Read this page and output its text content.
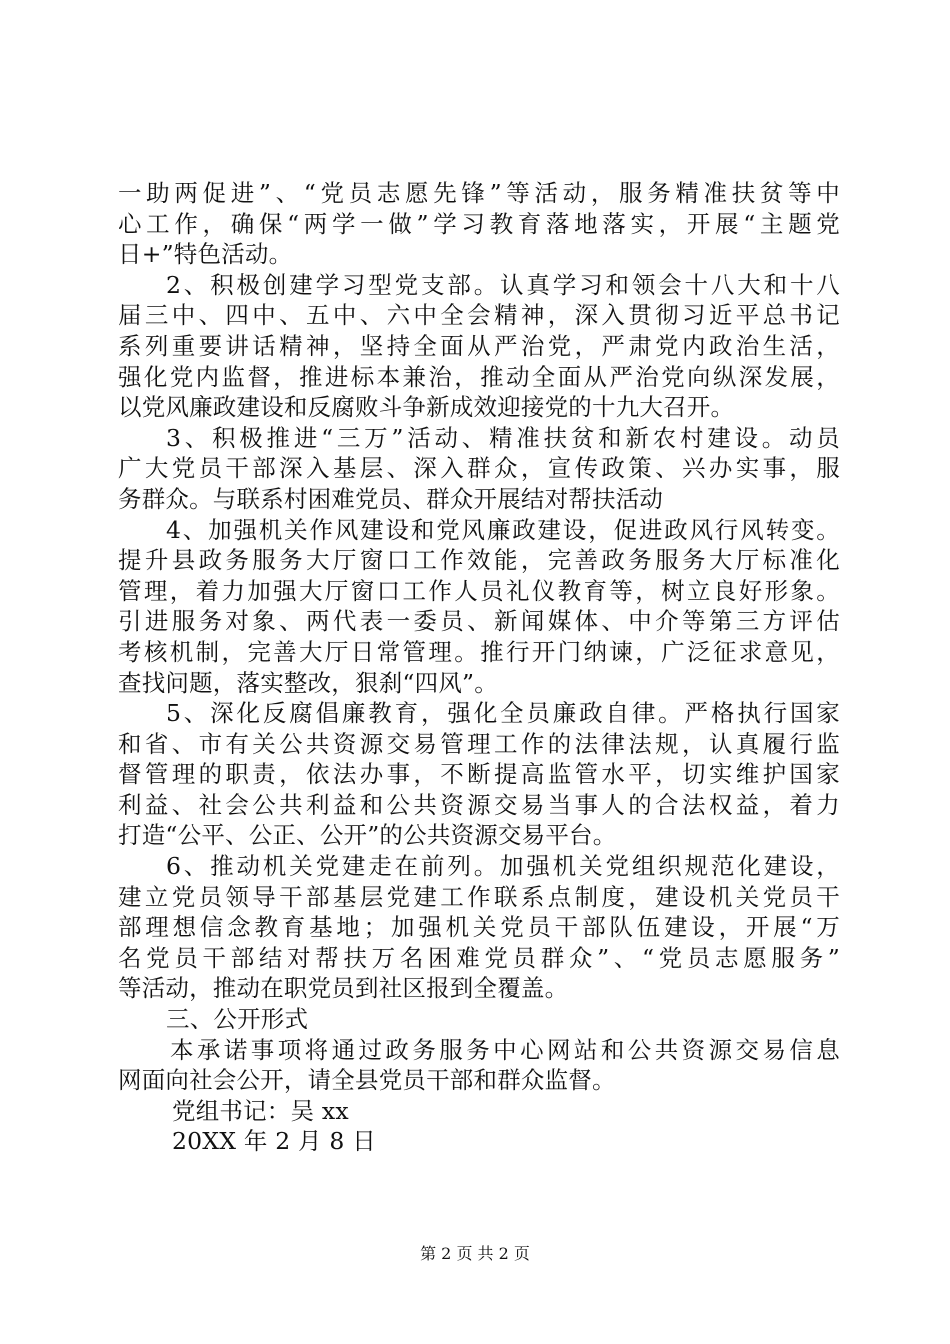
一助两促进”、“党员志愿先锋”等活动，服务精准扶贫等中
心工作，确保“两学一做”学习教育落地落实，开展“主题党
日+”特色活动。
2、积极创建学习型党支部。认真学习和领会十八大和十八
届三中、四中、五中、六中全会精神，深入贯彻习近平总书记
系列重要讲话精神，坚持全面从严治党，严肃党内政治生活，
强化党内监督，推进标本兼治，推动全面从严治党向纵深发展，
以党风廉政建设和反腐败斗争新成效迎接党的十九大召开。
3、积极推进“三万”活动、精准扶贫和新农村建设。动员
广大党员干部深入基层、深入群众，宣传政策、兴办实事，服
务群众。与联系村困难党员、群众开展结对帮扶活动
4、加强机关作风建设和党风廉政建设，促进政风行风转变。
提升县政务服务大厅窗口工作效能，完善政务服务大厅标准化
管理，着力加强大厅窗口工作人员礼仪教育等，树立良好形象。
引进服务对象、两代表一委员、新闻媒体、中介等第三方评估
考核机制，完善大厅日常管理。推行开门纳谏，广泛征求意见，
查找问题，落实整改，狠刹“四风”。
5、深化反腐倡廉教育，强化全员廉政自律。严格执行国家
和省、市有关公共资源交易管理工作的法律法规，认真履行监
督管理的职责，依法办事，不断提高监管水平，切实维护国家
利益、社会公共利益和公共资源交易当事人的合法权益，着力
打造“公平、公正、公开”的公共资源交易平台。
6、推动机关党建走在前列。加强机关党组织规范化建设，
建立党员领导干部基层党建工作联系点制度，建设机关党员干
部理想信念教育基地；加强机关党员干部队伍建设，开展“万
名党员干部结对帮扶万名困难党员群众”、“党员志愿服务”
等活动，推动在职党员到社区报到全覆盖。
三、公开形式
本承诺事项将通过政务服务中心网站和公共资源交易信息
网面向社会公开，请全县党员干部和群众监督。
党组书记：吴 xx
20XX 年 2 月 8 日
第 2 页 共 2 页
